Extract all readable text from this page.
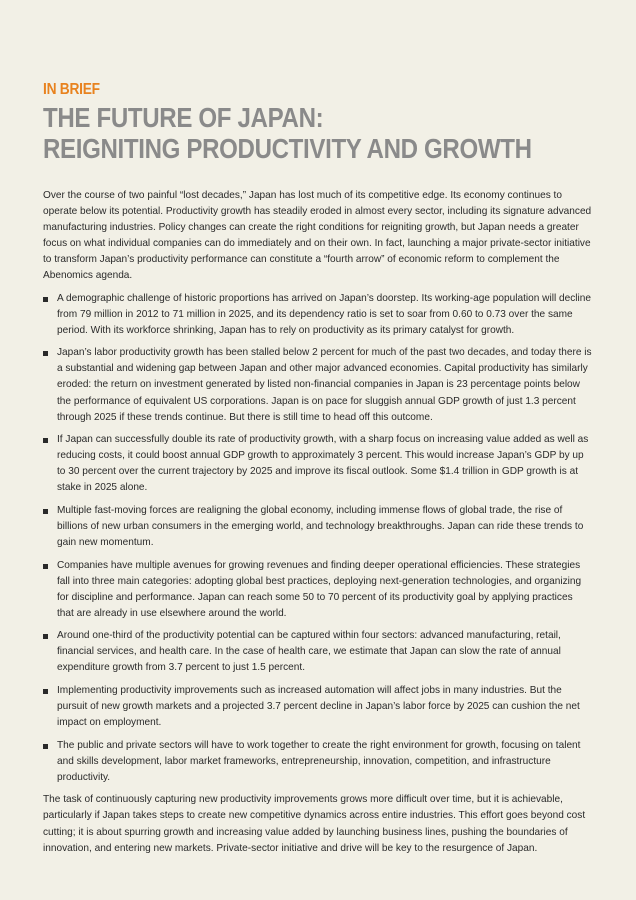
IN BRIEF
THE FUTURE OF JAPAN:
REIGNITING PRODUCTIVITY AND GROWTH

Over the course of two painful “lost decades,” Japan has lost much of its competitive edge. Its economy continues to operate below its potential. Productivity growth has steadily eroded in almost every sector, including its signature advanced manufacturing industries. Policy changes can create the right conditions for reigniting growth, but Japan needs a greater focus on what individual companies can do immediately and on their own. In fact, launching a major private-sector initiative to transform Japan’s productivity performance can constitute a “fourth arrow” of economic reform to complement the Abenomics agenda.

A demographic challenge of historic proportions has arrived on Japan’s doorstep. Its working-age population will decline from 79 million in 2012 to 71 million in 2025, and its dependency ratio is set to soar from 0.60 to 0.73 over the same period. With its workforce shrinking, Japan has to rely on productivity as its primary catalyst for growth.
Japan’s labor productivity growth has been stalled below 2 percent for much of the past two decades, and today there is a substantial and widening gap between Japan and other major advanced economies. Capital productivity has similarly eroded: the return on investment generated by listed non-financial companies in Japan is 23 percentage points below the performance of equivalent US corporations. Japan is on pace for sluggish annual GDP growth of just 1.3 percent through 2025 if these trends continue. But there is still time to head off this outcome.
If Japan can successfully double its rate of productivity growth, with a sharp focus on increasing value added as well as reducing costs, it could boost annual GDP growth to approximately 3 percent. This would increase Japan’s GDP by up to 30 percent over the current trajectory by 2025 and improve its fiscal outlook. Some $1.4 trillion in GDP growth is at stake in 2025 alone.
Multiple fast-moving forces are realigning the global economy, including immense flows of global trade, the rise of billions of new urban consumers in the emerging world, and technology breakthroughs. Japan can ride these trends to gain new momentum.
Companies have multiple avenues for growing revenues and finding deeper operational efficiencies. These strategies fall into three main categories: adopting global best practices, deploying next-generation technologies, and organizing for discipline and performance. Japan can reach some 50 to 70 percent of its productivity goal by applying practices that are already in use elsewhere around the world.
Around one-third of the productivity potential can be captured within four sectors: advanced manufacturing, retail, financial services, and health care. In the case of health care, we estimate that Japan can slow the rate of annual expenditure growth from 3.7 percent to just 1.5 percent.
Implementing productivity improvements such as increased automation will affect jobs in many industries. But the pursuit of new growth markets and a projected 3.7 percent decline in Japan’s labor force by 2025 can cushion the net impact on employment.
The public and private sectors will have to work together to create the right environment for growth, focusing on talent and skills development, labor market frameworks, entrepreneurship, innovation, competition, and infrastructure productivity.

The task of continuously capturing new productivity improvements grows more difficult over time, but it is achievable, particularly if Japan takes steps to create new competitive dynamics across entire industries. This effort goes beyond cost cutting; it is about spurring growth and increasing value added by launching business lines, pushing the boundaries of innovation, and entering new markets. Private-sector initiative and drive will be key to the resurgence of Japan.
